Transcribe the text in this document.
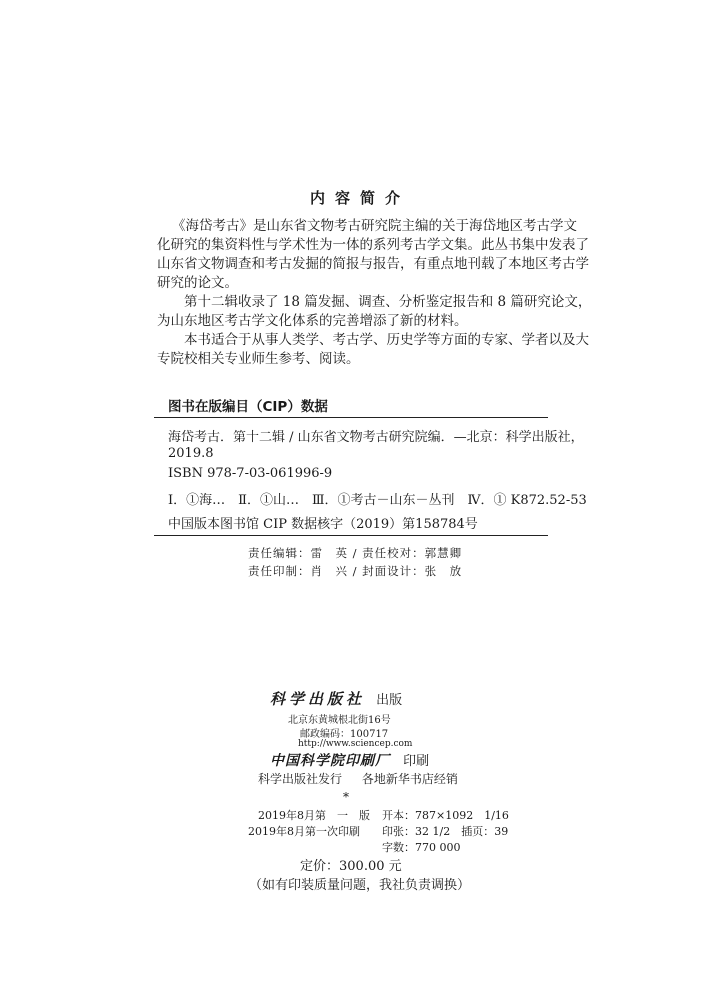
内容简介

《海岱考古》是山东省文物考古研究院主编的关于海岱地区考古学文

化研究的集资料性与学术性为一体的系列考古学文集。此丛书集中发表了

山东省文物调查和考古发掘的简报与报告，有重点地刊载了本地区考古学

研究的论文。

　　第十二辑收录了 18 篇发掘、调查、分析鉴定报告和 8 篇研究论文，

为山东地区考古学文化体系的完善增添了新的材料。

　　本书适合于从事人类学、考古学、历史学等方面的专家、学者以及大

专院校相关专业师生参考、阅读。

图书在版编目（CIP）数据
海岱考古．第十二辑 / 山东省文物考古研究院编．—北京：科学出版社，
2019.8
ISBN 978-7-03-061996-9
Ⅰ．①海…　Ⅱ．①山…　Ⅲ．①考古－山东－丛刊　Ⅳ．① K872.52-53
中国版本图书馆 CIP 数据核字（2019）第158784号
责任编辑：雷　英 / 责任校对：郭慧卿
责任印制：肖　兴 / 封面设计：张　放
科学出版社 出版
北京东黄城根北街16号
邮政编码：100717
http://www.sciencep.com
中国科学院印刷厂 印刷
科学出版社发行 各地新华书店经销
*
2019年8月第　一　版 开本：787×1092　1/16
2019年8月第一次印刷 印张：32 1/2　插页：39
字数：770 000
定价：300.00 元
（如有印装质量问题，我社负责调换）
